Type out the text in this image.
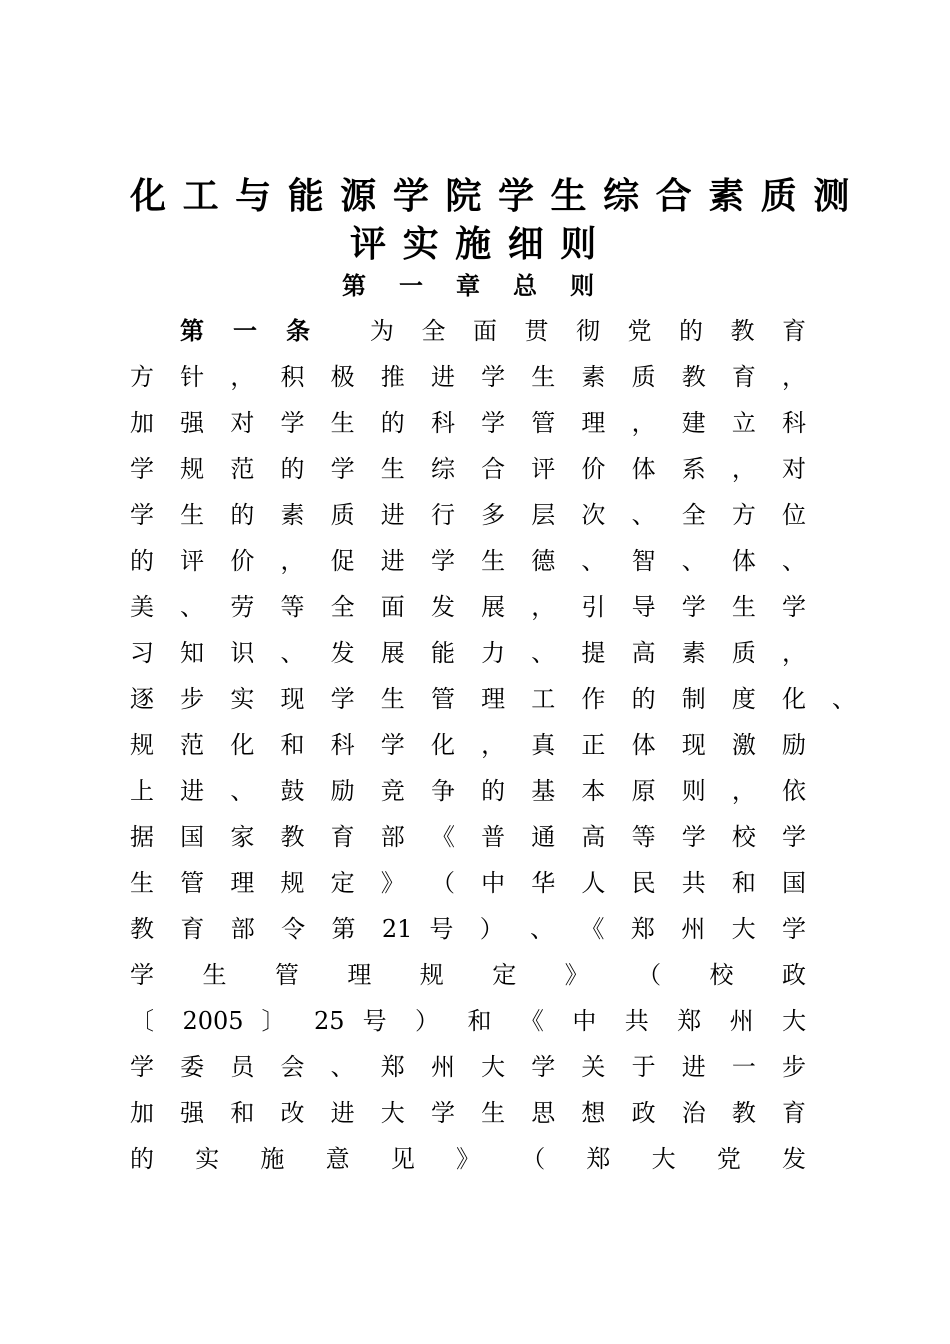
化 工 与 能 源 学 院 学 生 综 合 素 质 测
评 实 施 细 则
第 一 章 总 则
第 一 条 为 全 面 贯 彻 党 的 教 育
方 针 ， 积 极 推 进 学 生 素 质 教 育 ，
加 强 对 学 生 的 科 学 管 理 ， 建 立 科
学 规 范 的 学 生 综 合 评 价 体 系 ， 对
学 生 的 素 质 进 行 多 层 次 、 全 方 位
的 评 价 ， 促 进 学 生 德 、 智 、 体 、
美 、 劳 等 全 面 发 展 ， 引 导 学 生 学
习 知 识 、 发 展 能 力 、 提 高 素 质 ，
逐 步 实 现 学 生 管 理 工 作 的 制 度 化 、
规 范 化 和 科 学 化 ， 真 正 体 现 激 励
上 进 、 鼓 励 竞 争 的 基 本 原 则 ， 依
据 国 家 教 育 部 《 普 通 高 等 学 校 学
生 管 理 规 定 》 （ 中 华 人 民 共 和 国
教 育 部 令 第 21 号 ） 、 《 郑 州 大 学
学 生 管 理 规 定 》 （ 校 政
〔 2005 〕 25 号 ） 和 《 中 共 郑 州 大
学 委 员 会 、 郑 州 大 学 关 于 进 一 步
加 强 和 改 进 大 学 生 思 想 政 治 教 育
的 实 施 意 见 》 （ 郑 大 党 发
